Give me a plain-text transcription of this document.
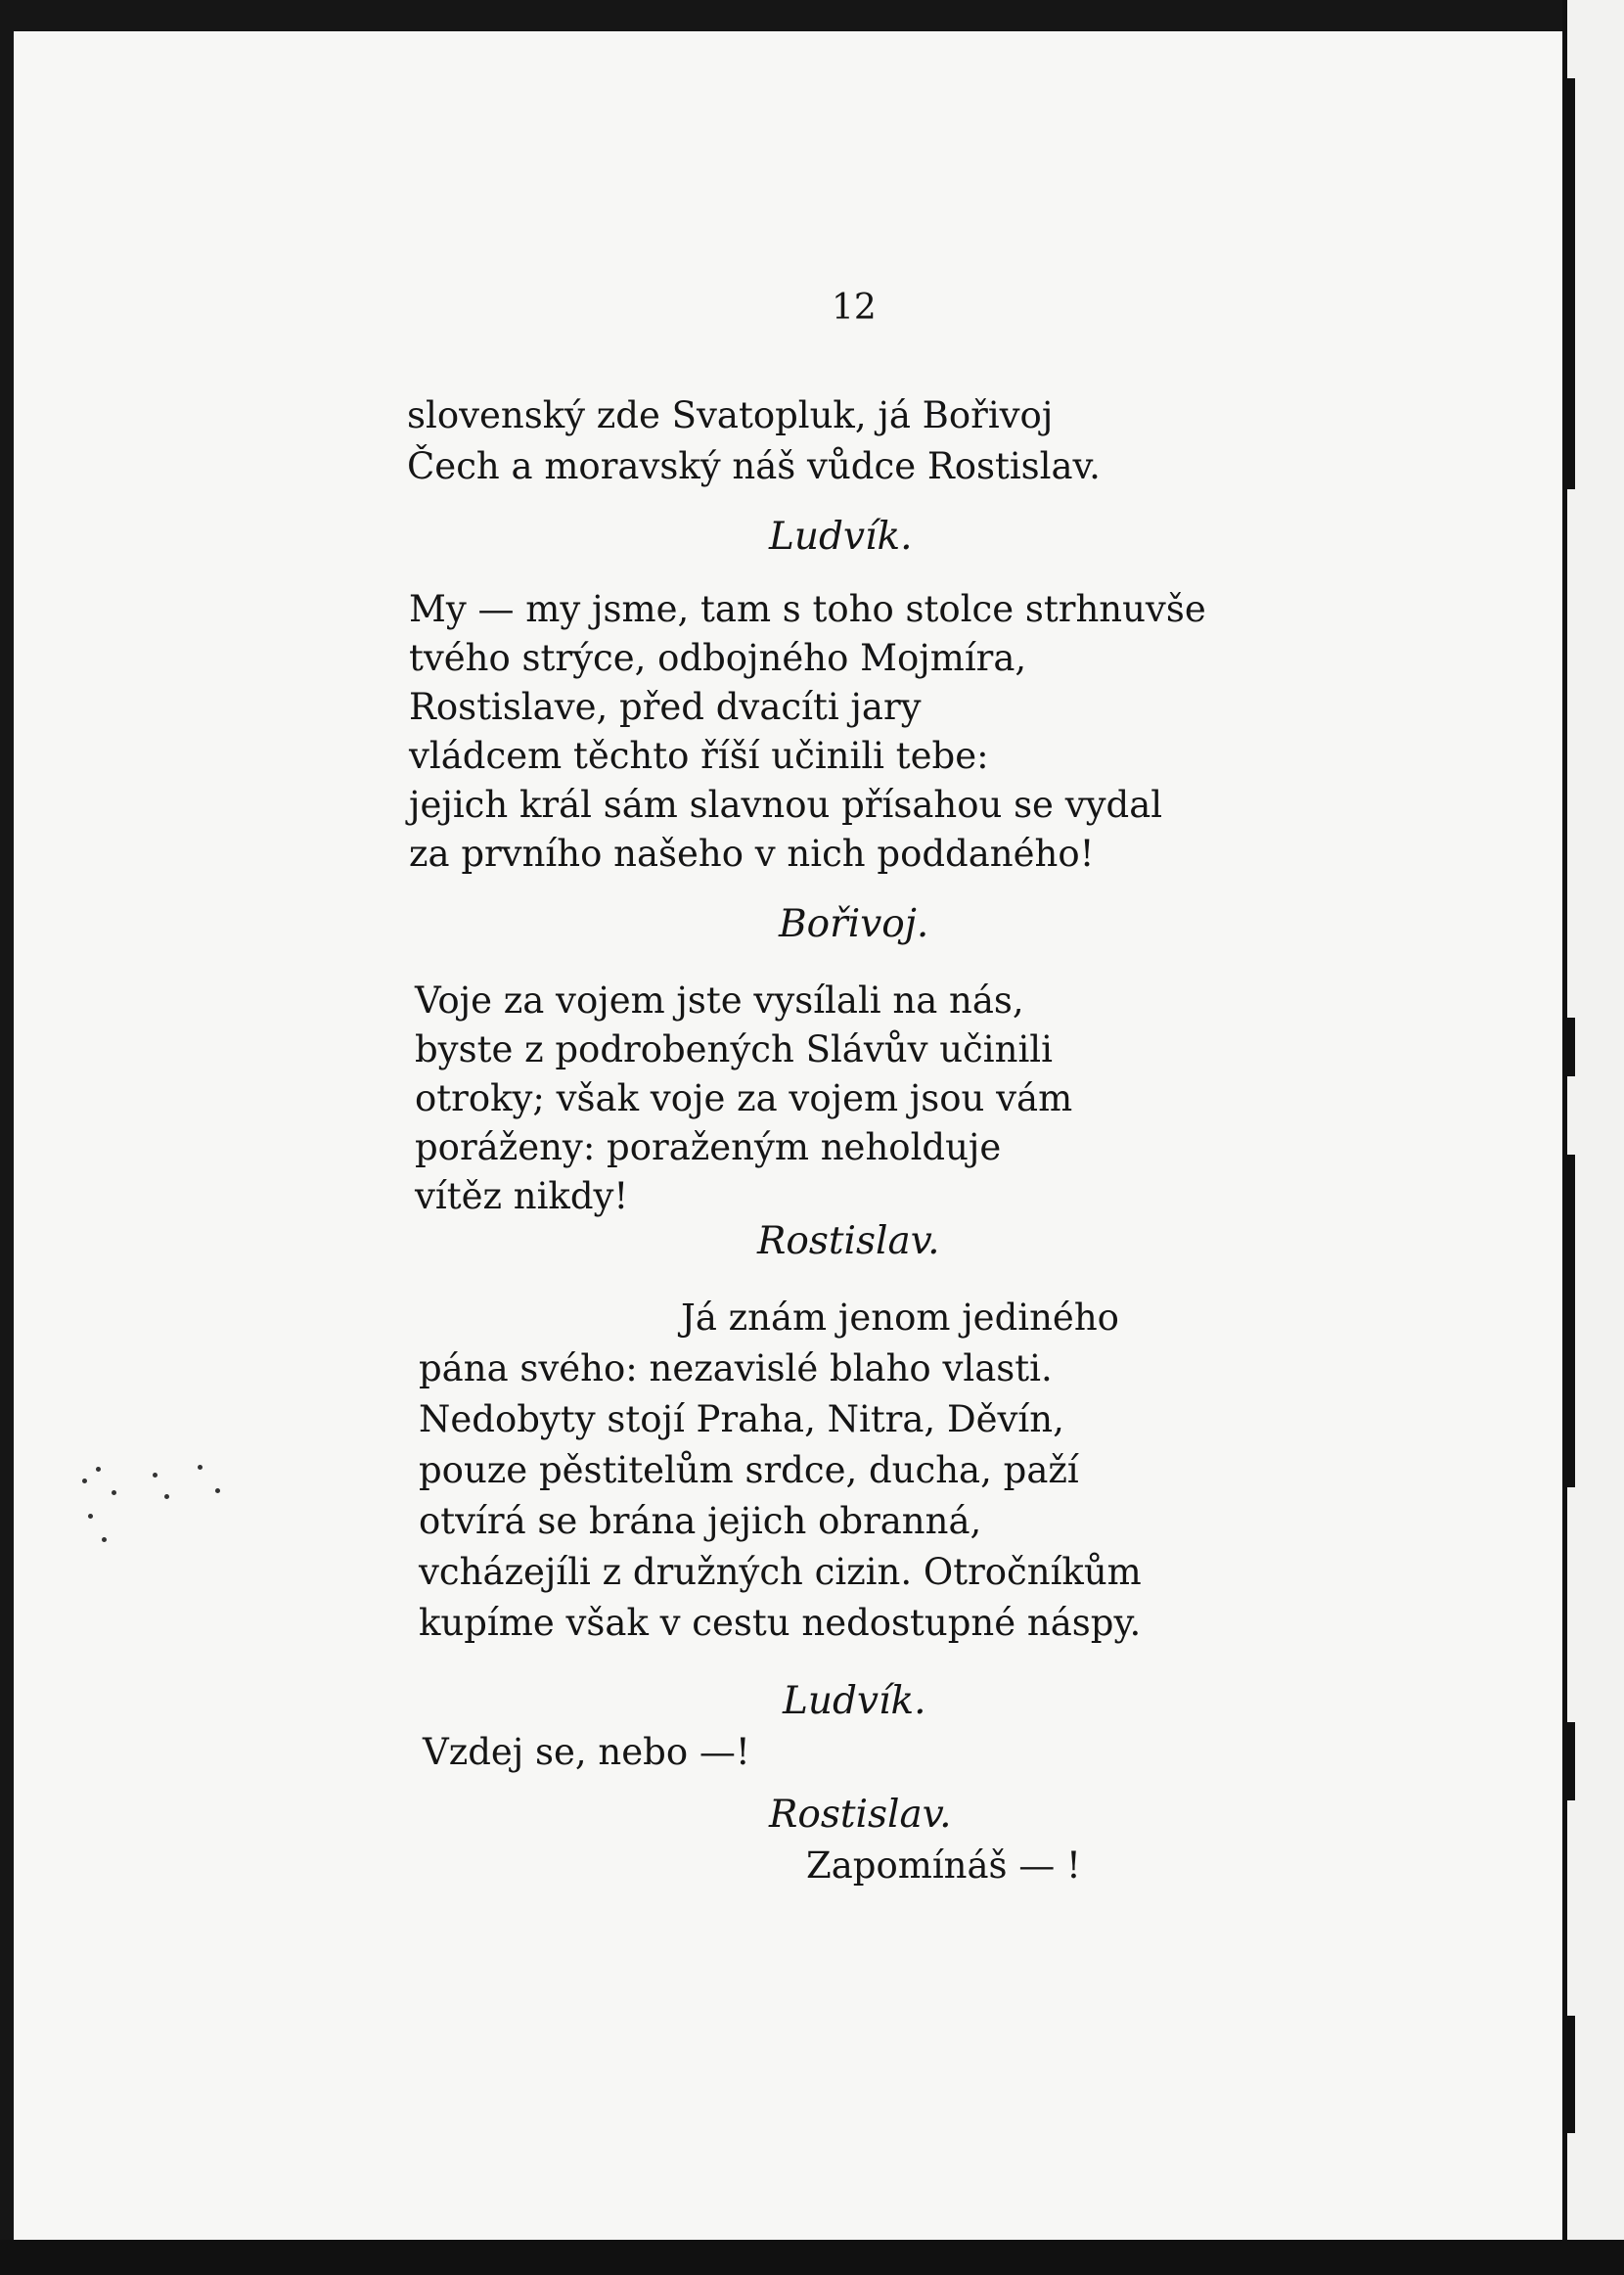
12
slovenský zde Svatopluk, já Bořivoj
Čech a moravský náš vůdce Rostislav.
Ludvík.
My — my jsme, tam s toho stolce strhnuvše
tvého strýce, odbojného Mojmíra,
Rostislave, před dvacíti jary
vládcem těchto říší učinili tebe:
jejich král sám slavnou přísahou se vydal
za prvního našeho v nich poddaného!
Bořivoj.
Voje za vojem jste vysílali na nás,
byste z podrobených Slávův učinili
otroky; však voje za vojem jsou vám
poráženy: poraženým neholduje
vítěz nikdy!
Rostislav.
Já znám jenom jediného
pána svého: nezavislé blaho vlasti.
Nedobyty stojí Praha, Nitra, Děvín,
pouze pěstitelům srdce, ducha, paží
otvírá se brána jejich obranná,
vcházejíli z družných cizin. Otročníkům
kupíme však v cestu nedostupné náspy.
Ludvík.
Vzdej se, nebo —!
Rostislav.
Zapomínáš — !
